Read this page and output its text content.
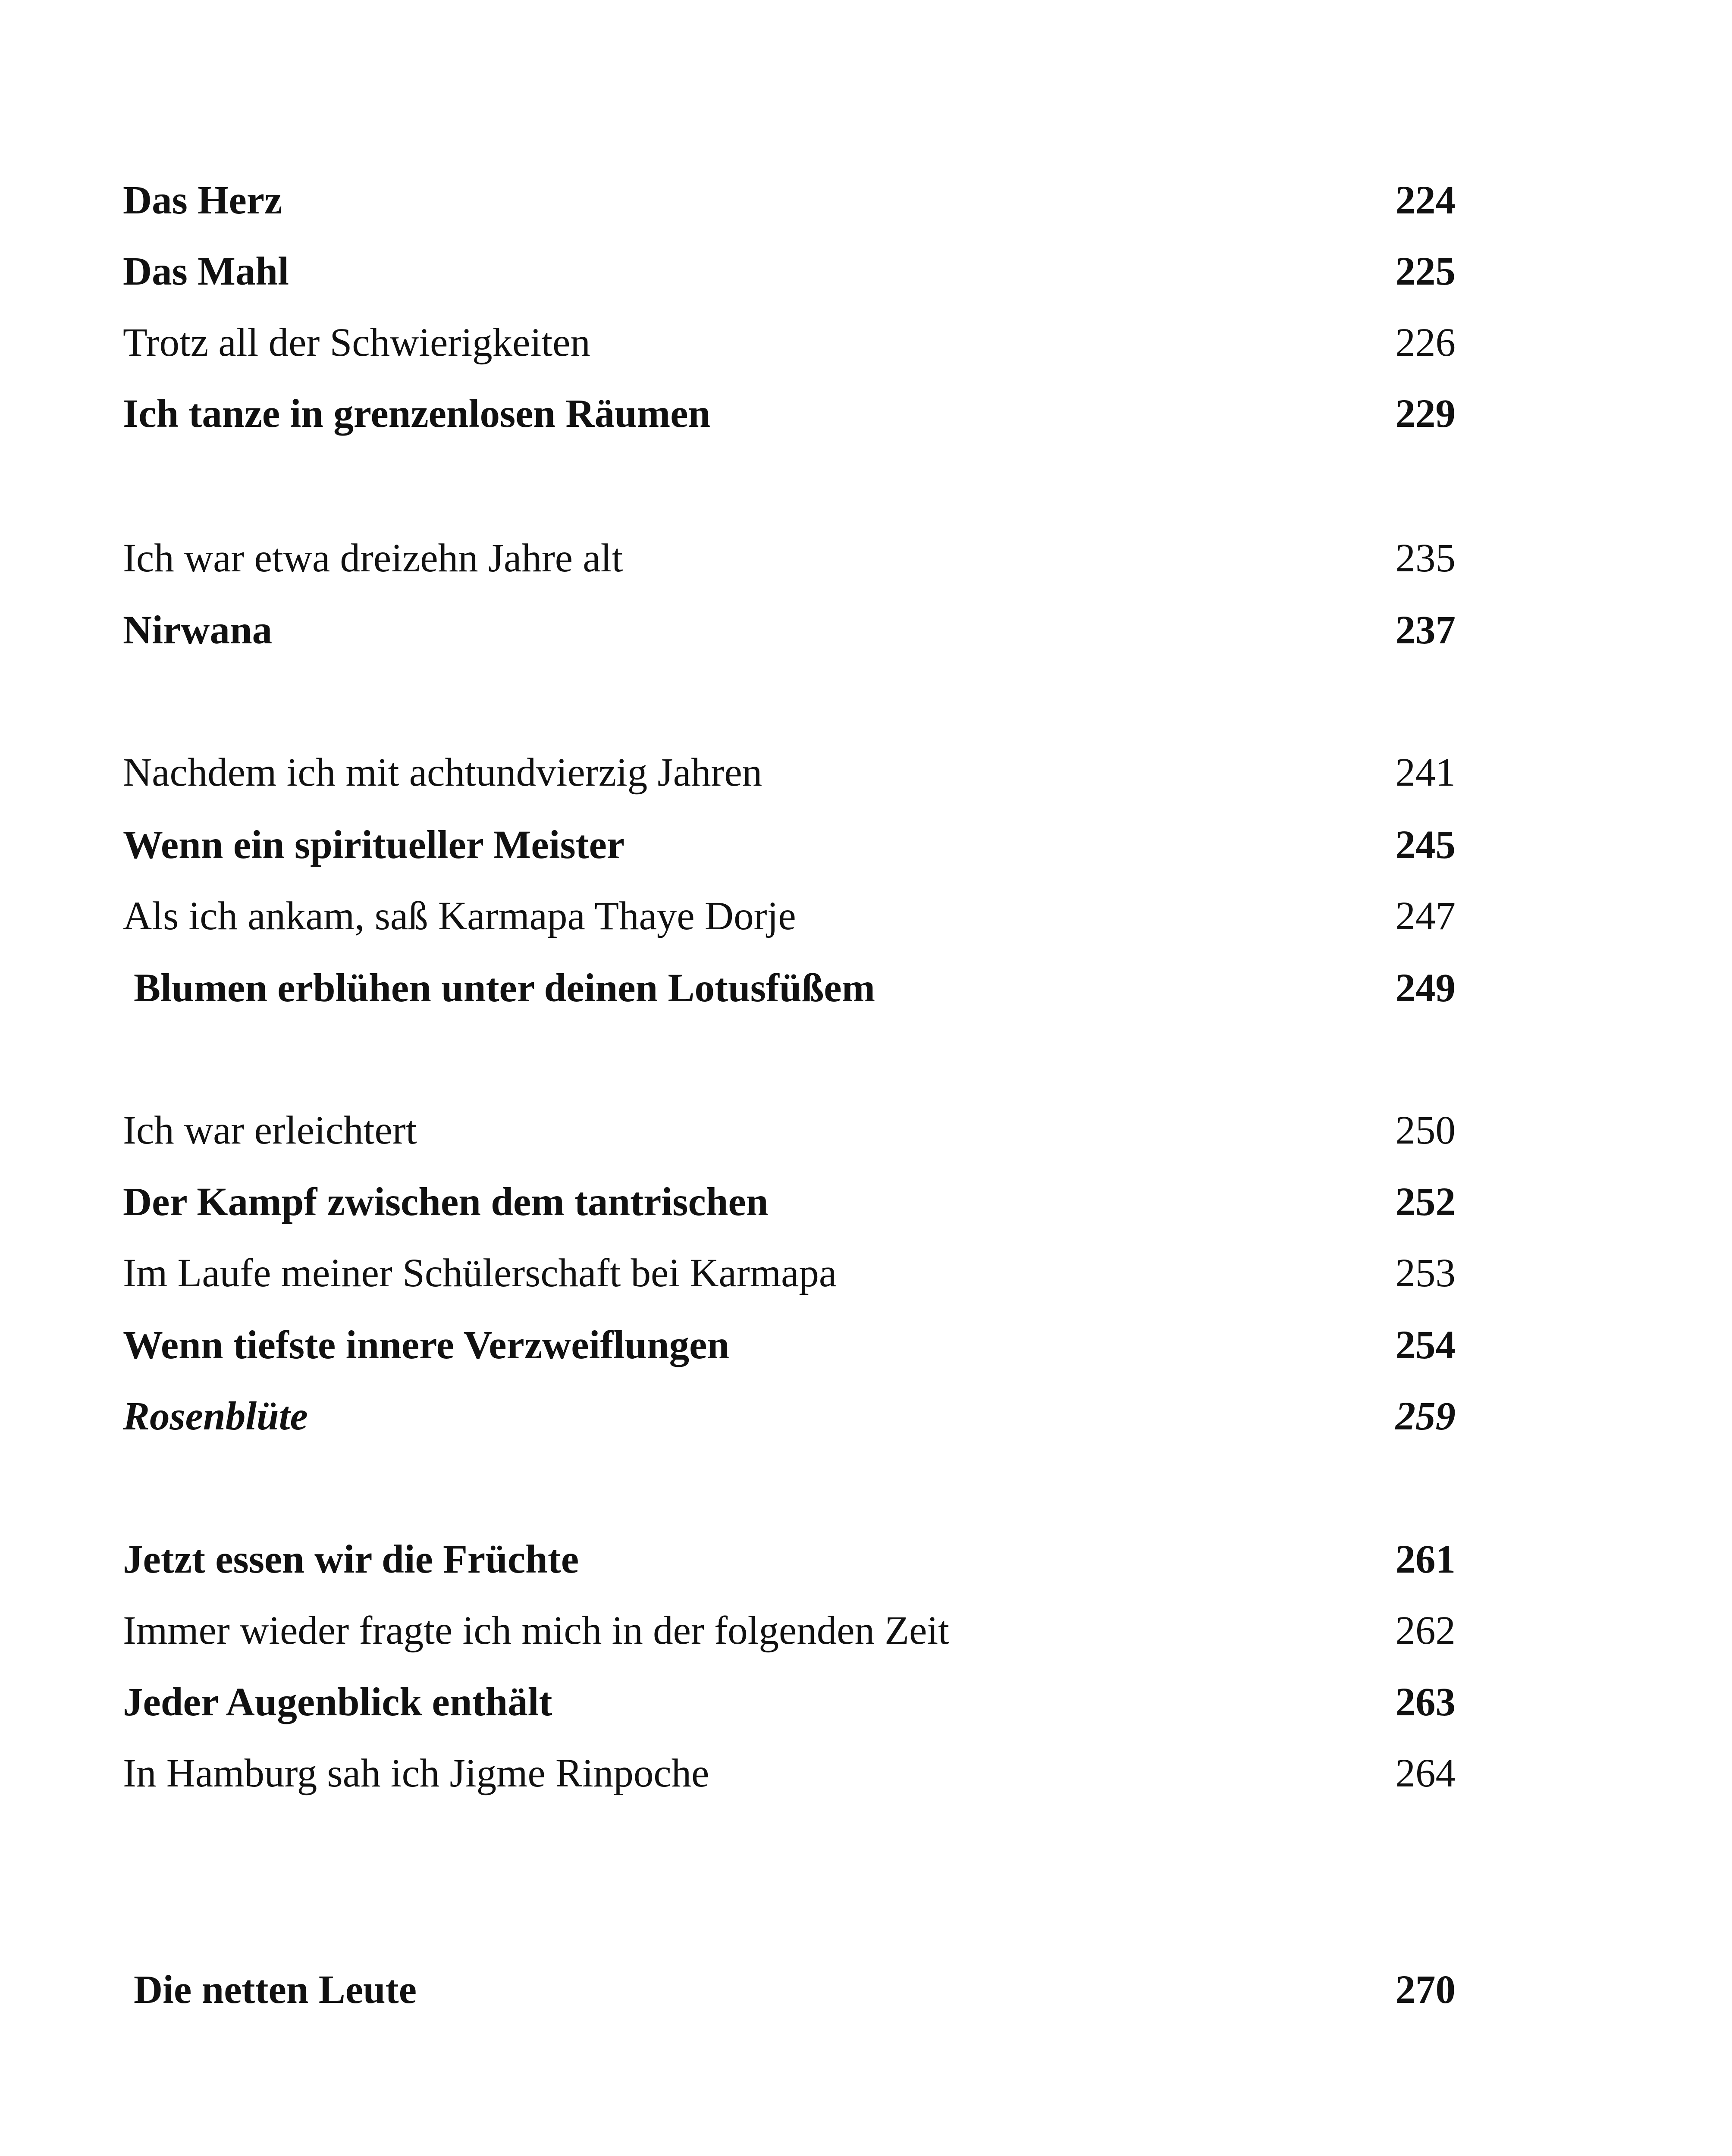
Das Herz	224
Das Mahl	225
Trotz all der Schwierigkeiten	226
Ich tanze in grenzenlosen Räumen	229
Ich war etwa dreizehn Jahre alt	235
Nirwana	237
Nachdem ich mit achtundvierzig Jahren	241
Wenn ein spiritueller Meister	245
Als ich ankam, saß Karmapa Thaye Dorje	247
Blumen erblühen unter deinen Lotusfüßem	249
Ich war erleichtert	250
Der Kampf zwischen dem tantrischen	252
Im Laufe meiner Schülerschaft bei Karmapa	253
Wenn tiefste innere Verzweiflungen	254
Rosenblüte	259
Jetzt essen wir die Früchte	261
Immer wieder fragte ich mich in der folgenden Zeit	262
Jeder Augenblick enthält	263
In Hamburg sah ich Jigme Rinpoche	264
Die netten Leute	270
